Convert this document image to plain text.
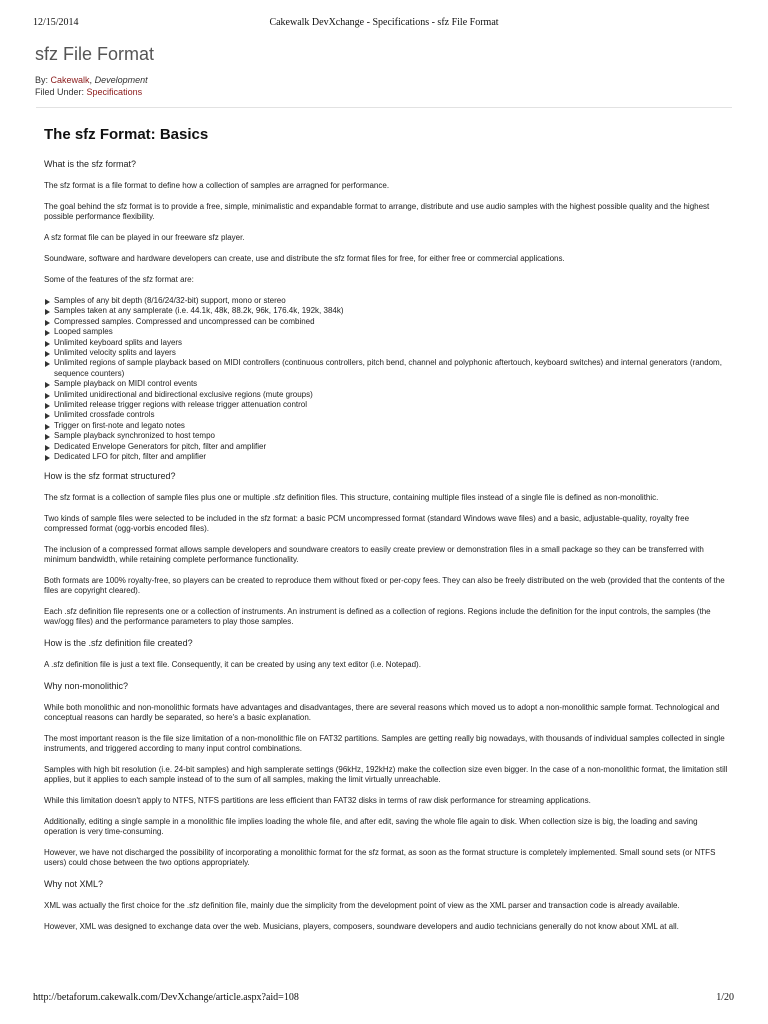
12/15/2014	Cakewalk DevXchange - Specifications - sfz File Format
sfz File Format
By: Cakewalk, Development
Filed Under: Specifications
The sfz Format: Basics

What is the sfz format?

The sfz format is a file format to define how a collection of samples are arragned for performance.

The goal behind the sfz format is to provide a free, simple, minimalistic and expandable format to arrange, distribute and use audio samples with the highest possible quality and the highest possible performance flexibility.

A sfz format file can be played in our freeware sfz player.

Soundware, software and hardware developers can create, use and distribute the sfz format files for free, for either free or commercial applications.

Some of the features of the sfz format are:

Samples of any bit depth (8/16/24/32-bit) support, mono or stereo
Samples taken at any samplerate (i.e. 44.1k, 48k, 88.2k, 96k, 176.4k, 192k, 384k)
Compressed samples. Compressed and uncompressed can be combined
Looped samples
Unlimited keyboard splits and layers
Unlimited velocity splits and layers
Unlimited regions of sample playback based on MIDI controllers (continuous controllers, pitch bend, channel and polyphonic aftertouch, keyboard switches) and internal generators (random, sequence counters)
Sample playback on MIDI control events
Unlimited unidirectional and bidirectional exclusive regions (mute groups)
Unlimited release trigger regions with release trigger attenuation control
Unlimited crossfade controls
Trigger on first-note and legato notes
Sample playback synchronized to host tempo
Dedicated Envelope Generators for pitch, filter and amplifier
Dedicated LFO for pitch, filter and amplifier

How is the sfz format structured?

The sfz format is a collection of sample files plus one or multiple .sfz definition files. This structure, containing multiple files instead of a single file is defined as non-monolithic.

Two kinds of sample files were selected to be included in the sfz format: a basic PCM uncompressed format (standard Windows wave files) and a basic, adjustable-quality, royalty free compressed format (ogg-vorbis encoded files).

The inclusion of a compressed format allows sample developers and soundware creators to easily create preview or demonstration files in a small package so they can be transferred with minimum bandwidth, while retaining complete performance functionality.

Both formats are 100% royalty-free, so players can be created to reproduce them without fixed or per-copy fees. They can also be freely distributed on the web (provided that the contents of the files are copyright cleared).

Each .sfz definition file represents one or a collection of instruments. An instrument is defined as a collection of regions. Regions include the definition for the input controls, the samples (the wav/ogg files) and the performance parameters to play those samples.

How is the .sfz definition file created?

A .sfz definition file is just a text file. Consequently, it can be created by using any text editor (i.e. Notepad).

Why non-monolithic?

While both monolithic and non-monolithic formats have advantages and disadvantages, there are several reasons which moved us to adopt a non-monolithic sample format. Technological and conceptual reasons can hardly be separated, so here's a basic explanation.

The most important reason is the file size limitation of a non-monolithic file on FAT32 partitions. Samples are getting really big nowadays, with thousands of individual samples collected in single instruments, and triggered according to many input control combinations.

Samples with high bit resolution (i.e. 24-bit samples) and high samplerate settings (96kHz, 192kHz) make the collection size even bigger. In the case of a non-monolithic format, the limitation still applies, but it applies to each sample instead of to the sum of all samples, making the limit virtually unreachable.

While this limitation doesn't apply to NTFS, NTFS partitions are less efficient than FAT32 disks in terms of raw disk performance for streaming applications.

Additionally, editing a single sample in a monolithic file implies loading the whole file, and after edit, saving the whole file again to disk. When collection size is big, the loading and saving operation is very time-consuming.

However, we have not discharged the possibility of incorporating a monolithic format for the sfz format, as soon as the format structure is completely implemented. Small sound sets (or NTFS users) could chose between the two options appropriately.

Why not XML?

XML was actually the first choice for the .sfz definition file, mainly due the simplicity from the development point of view as the XML parser and transaction code is already available.

However, XML was designed to exchange data over the web. Musicians, players, composers, soundware developers and audio technicians generally do not know about XML at all.

http://betaforum.cakewalk.com/DevXchange/article.aspx?aid=108	1/20
